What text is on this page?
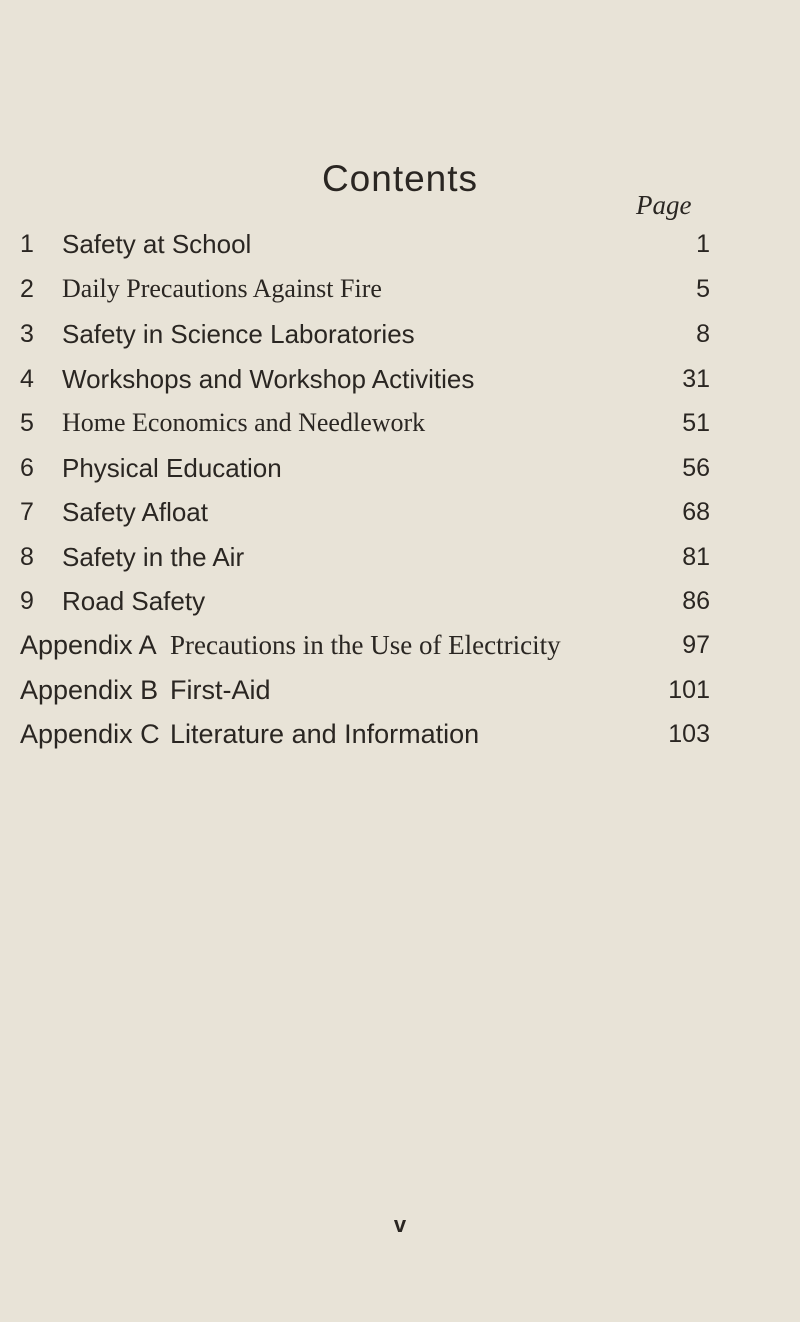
Contents
Page
1	Safety at School	1
2	Daily Precautions Against Fire	5
3	Safety in Science Laboratories	8
4	Workshops and Workshop Activities	31
5	Home Economics and Needlework	51
6	Physical Education	56
7	Safety Afloat	68
8	Safety in the Air	81
9	Road Safety	86
Appendix A Precautions in the Use of Electricity	97
Appendix B First-Aid	101
Appendix C Literature and Information	103
v
